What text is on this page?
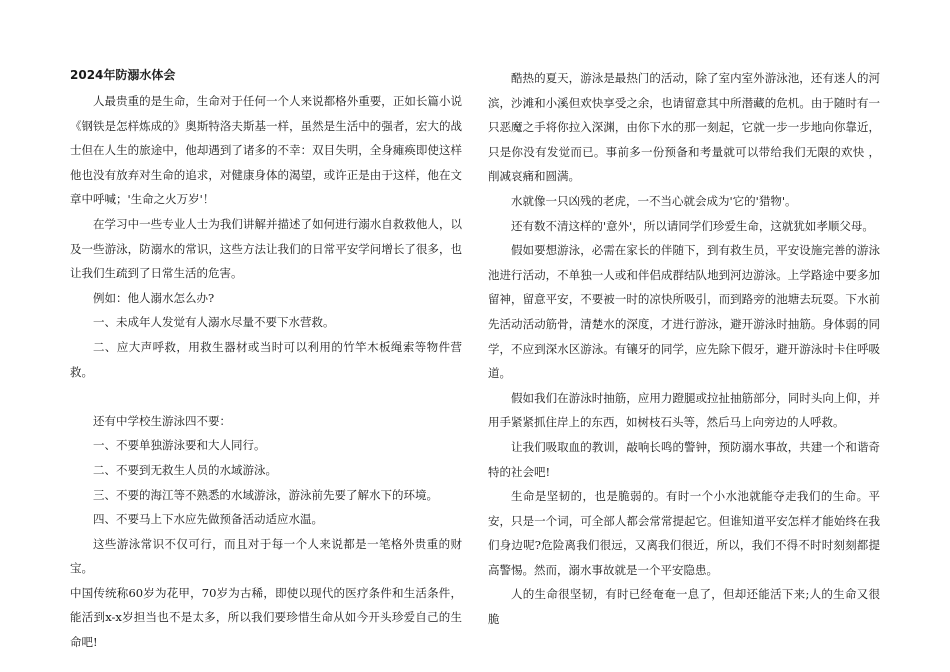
2024年防溺水体会

人最贵重的是生命，生命对于任何一个人来说都格外重要，正如长篇小说《钢铁是怎样炼成的》奥斯特洛夫斯基一样，虽然是生活中的强者，宏大的战士但在人生的旅途中，他却遇到了诸多的不幸：双目失明，全身瘫痪即使这样他也没有放弃对生命的追求，对健康身体的渴望，或许正是由于这样，他在文章中呼喊；'生命之火万岁'！

在学习中一些专业人士为我们讲解并描述了如何进行溺水自救救他人，以及一些游泳，防溺水的常识，这些方法让我们的日常平安学问增长了很多，也让我们生疏到了日常生活的危害。

例如：他人溺水怎么办?

一、未成年人发觉有人溺水尽量不要下水营救。

二、应大声呼救，用救生器材或当时可以利用的竹竿木板绳索等物件营救。

还有中学校生游泳四不要：

一、不要单独游泳要和大人同行。

二、不要到无救生人员的水域游泳。

三、不要的海江等不熟悉的水域游泳，游泳前先要了解水下的环境。

四、不要马上下水应先做预备活动适应水温。

这些游泳常识不仅可行，而且对于每一个人来说都是一笔格外贵重的财宝。

中国传统称60岁为花甲，70岁为古稀，即使以现代的医疗条件和生活条件，能活到x-x岁担当也不是太多，所以我们要珍惜生命从如今开头珍爱自己的生命吧!

酷热的夏天，游泳是最热门的活动，除了室内室外游泳池，还有迷人的河滨，沙滩和小溪但欢快享受之余，也请留意其中所潜藏的危机。由于随时有一只恶魔之手将你拉入深渊，由你下水的那一刻起，它就一步一步地向你靠近，只是你没有发觉而已。事前多一份预备和考量就可以带给我们无限的欢快 ，削减哀痛和圆满。

水就像一只凶残的老虎，一不当心就会成为'它的'猎物'。

还有数不清这样的'意外'，所以请同学们珍爱生命，这就犹如孝顺父母。

假如要想游泳，必需在家长的伴随下，到有救生员，平安设施完善的游泳池进行活动，不单独一人或和伴侣成群结队地到河边游泳。上学路途中要多加留神，留意平安，不要被一时的凉快所吸引，而到路旁的池塘去玩耍。下水前先活动活动筋骨，清楚水的深度，才进行游泳，避开游泳时抽筋。身体弱的同学，不应到深水区游泳。有镶牙的同学，应先除下假牙，避开游泳时卡住呼吸道。

假如我们在游泳时抽筋，应用力蹬腿或拉扯抽筋部分，同时头向上仰，并用手紧紧抓住岸上的东西，如树枝石头等，然后马上向旁边的人呼救。

让我们吸取血的教训，敲响长鸣的警钟，预防溺水事故，共建一个和谐奇特的社会吧!

生命是坚韧的，也是脆弱的。有时一个小水池就能夺走我们的生命。平安，只是一个词，可全部人都会常常提起它。但谁知道平安怎样才能始终在我们身边呢?危险离我们很远，又离我们很近，所以，我们不得不时时刻刻都提高警惕。然而，溺水事故就是一个平安隐患。

人的生命很坚韧，有时已经奄奄一息了，但却还能活下来;人的生命又很脆
